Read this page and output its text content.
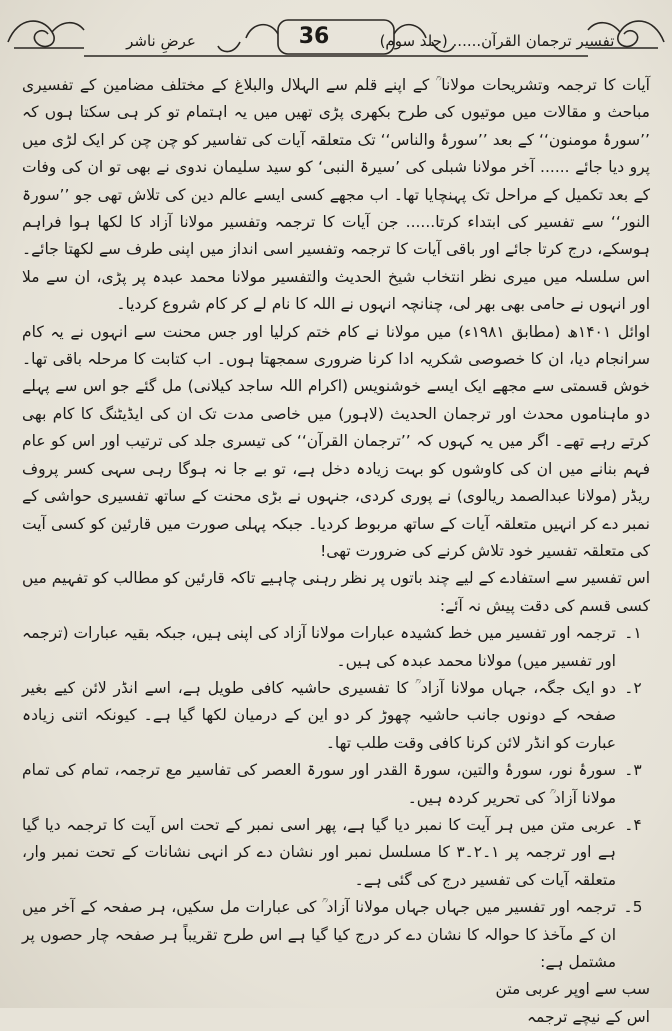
عرضِ ناشر	36	تفسیر ترجمان القرآن...... (جلد سوم)

آیات کا ترجمہ وتشریحات مولانا ؒ کے اپنے قلم سے الہلال والبلاغ کے مختلف مضامین کے تفسیری مباحث و مقالات میں موتیوں کی طرح بکھری پڑی تھیں میں یہ اہتمام تو کر ہی سکتا ہوں کہ ’’سورۂ مومنون‘‘ کے بعد ’’سورۂ والناس‘‘ تک متعلقہ آیات کی تفاسیر کو چن چن کر ایک لڑی میں پرو دیا جائے ...... آخر مولانا شبلی کی ’سیرۃ النبی‘ کو سید سلیمان ندوی نے بھی تو ان کی وفات کے بعد تکمیل کے مراحل تک پہنچایا تھا۔ اب مجھے کسی ایسے عالم دین کی تلاش تھی جو ’’سورۃ النور‘‘ سے تفسیر کی ابتداء کرتا...... جن آیات کا ترجمہ وتفسیر مولانا آزاد کا لکھا ہوا فراہم ہوسکے، درج کرتا جائے اور باقی آیات کا ترجمہ وتفسیر اسی انداز میں اپنی طرف سے لکھتا جائے۔ اس سلسلہ میں میری نظر انتخاب شیخ الحدیث والتفسیر مولانا محمد عبدہ پر پڑی، ان سے ملا اور انہوں نے حامی بھی بھر لی، چنانچہ انہوں نے اللہ کا نام لے کر کام شروع کردیا۔

اوائل ۱۴۰۱ھ (مطابق ۱۹۸۱ء) میں مولانا نے کام ختم کرلیا اور جس محنت سے انہوں نے یہ کام سرانجام دیا، ان کا خصوصی شکریہ ادا کرنا ضروری سمجھتا ہوں۔ اب کتابت کا مرحلہ باقی تھا۔ خوش قسمتی سے مجھے ایک ایسے خوشنویس (اکرام اللہ ساجد کیلانی) مل گئے جو اس سے پہلے دو ماہناموں محدث اور ترجمان الحدیث (لاہور) میں خاصی مدت تک ان کی ایڈیٹنگ کا کام بھی کرتے رہے تھے۔ اگر میں یہ کہوں کہ ’’ترجمان القرآن‘‘ کی تیسری جلد کی ترتیب اور اس کو عام فہم بنانے میں ان کی کاوشوں کو بہت زیادہ دخل ہے، تو بے جا نہ ہوگا رہی سہی کسر پروف ریڈر (مولانا عبدالصمد ریالوی) نے پوری کردی، جنہوں نے بڑی محنت کے ساتھ تفسیری حواشی کے نمبر دے کر انہیں متعلقہ آیات کے ساتھ مربوط کردیا۔ جبکہ پہلی صورت میں قارئین کو کسی آیت کی متعلقہ تفسیر خود تلاش کرنے کی ضرورت تھی!

اس تفسیر سے استفادے کے لیے چند باتوں پر نظر رہنی چاہیے تاکہ قارئین کو مطالب کو تفہیم میں کسی قسم کی دقت پیش نہ آئے:

۱۔
ترجمہ اور تفسیر میں خط کشیدہ عبارات مولانا آزاد کی اپنی ہیں، جبکہ بقیہ عبارات (ترجمہ اور تفسیر میں) مولانا محمد عبدہ کی ہیں۔
۲۔
دو ایک جگہ، جہاں مولانا آزاد ؒ کا تفسیری حاشیہ کافی طویل ہے، اسے انڈر لائن کیے بغیر صفحہ کے دونوں جانب حاشیہ چھوڑ کر دو این کے درمیان لکھا گیا ہے۔ کیونکہ اتنی زیادہ عبارت کو انڈر لائن کرنا کافی وقت طلب تھا۔
۳۔
سورۂ نور، سورۂ والتین، سورۃ القدر اور سورۃ العصر کی تفاسیر مع ترجمہ، تمام کی تمام مولانا آزاد ؒ کی تحریر کردہ ہیں۔
۴۔
عربی متن میں ہر آیت کا نمبر دیا گیا ہے، پھر اسی نمبر کے تحت اس آیت کا ترجمہ دیا گیا ہے اور ترجمہ پر ۱۔۲۔۳ کا مسلسل نمبر اور نشان دے کر انہی نشانات کے تحت نمبر وار، متعلقہ آیات کی تفسیر درج کی گئی ہے۔
5۔
ترجمہ اور تفسیر میں جہاں جہاں مولانا آزاد ؒ کی عبارات مل سکیں، ہر صفحہ کے آخر میں ان کے مآخذ کا حوالہ کا نشان دے کر درج کیا گیا ہے اس طرح تقریباً ہر صفحہ چار حصوں پر مشتمل ہے:

سب سے اوپر عربی متن

اس کے نیچے ترجمہ
